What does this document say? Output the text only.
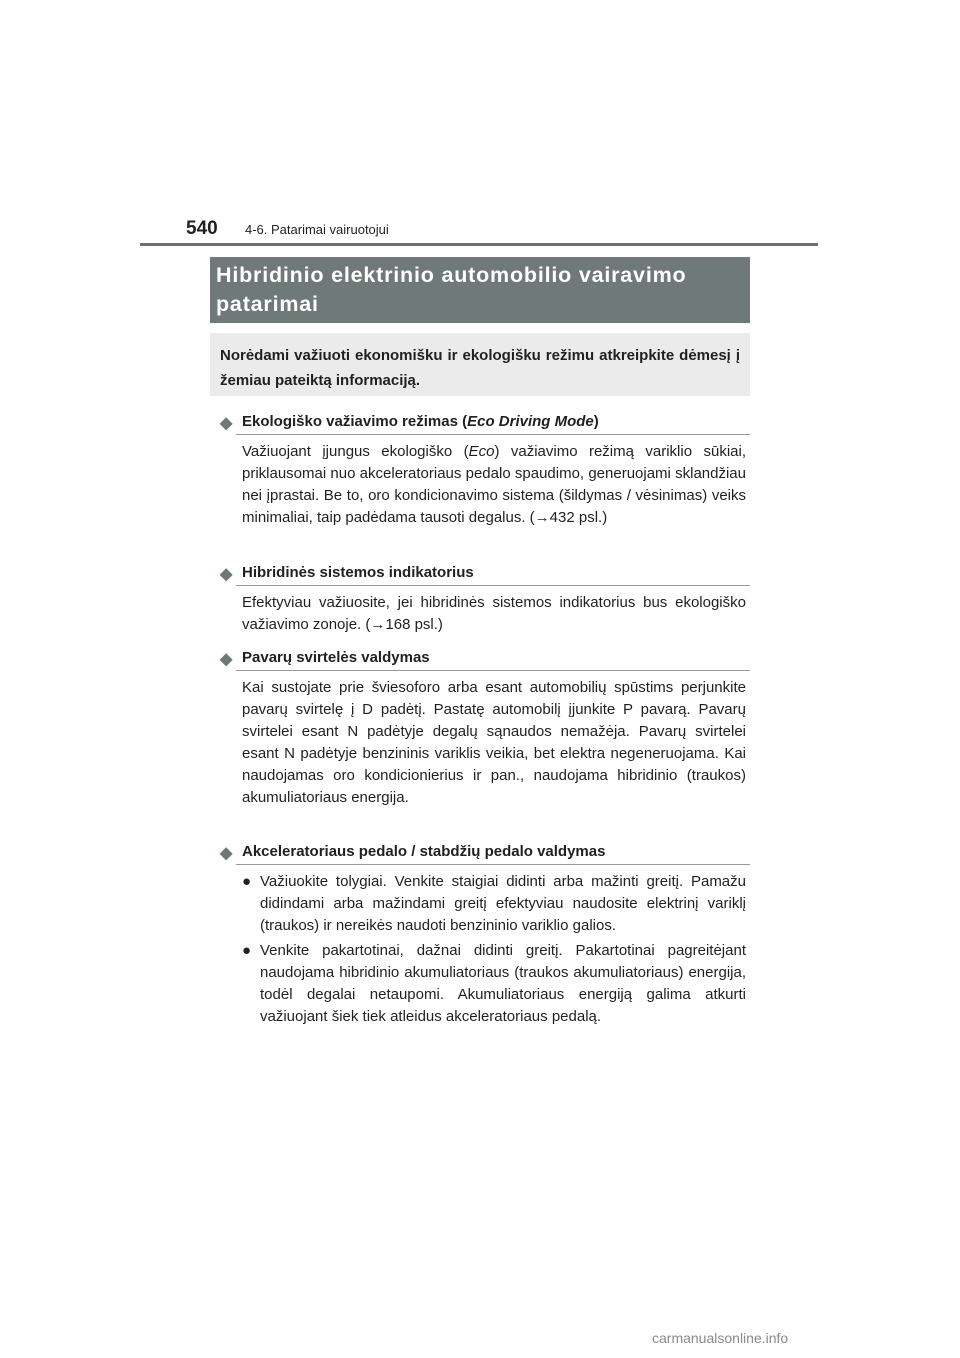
540 4-6. Patarimai vairuotojui
Hibridinio elektrinio automobilio vairavimo patarimai
Norėdami važiuoti ekonomišku ir ekologišku režimu atkreipkite dėmesį į žemiau pateiktą informaciją.
◆ Ekologiško važiavimo režimas (Eco Driving Mode)
Važiuojant įjungus ekologiško (Eco) važiavimo režimą variklio sūkiai, priklausomai nuo akceleratoriaus pedalo spaudimo, generuojami sklandžiau nei įprastai. Be to, oro kondicionavimo sistema (šildymas / vėsinimas) veiks minimaliai, taip padėdama tausoti degalus. (→432 psl.)
◆ Hibridinės sistemos indikatorius
Efektyviau važiuosite, jei hibridinės sistemos indikatorius bus ekologiško važiavimo zonoje. (→168 psl.)
◆ Pavarų svirtelės valdymas
Kai sustojate prie šviesoforo arba esant automobilių spūstims perjunkite pavarų svirtelę į D padėtį. Pastatę automobilį įjunkite P pavarą. Pavarų svirtelei esant N padėtyje degalų sąnaudos nemažėja. Pavarų svirtelei esant N padėtyje benzininis variklis veikia, bet elektra negeneruojama. Kai naudojamas oro kondicionierius ir pan., naudojama hibridinio (traukos) akumuliatoriaus energija.
◆ Akceleratoriaus pedalo / stabdžių pedalo valdymas
● Važiuokite tolygiai. Venkite staigiai didinti arba mažinti greitį. Pamažu didindami arba mažindami greitį efektyviau naudosite elektrinį variklį (traukos) ir nereikės naudoti benzininio variklio galios.
● Venkite pakartotinai, dažnai didinti greitį. Pakartotinai pagreitėjant naudojama hibridinio akumuliatoriaus (traukos akumuliatoriaus) energija, todėl degalai netaupomi. Akumuliatoriaus energiją galima atkurti važiuojant šiek tiek atleidus akceleratoriaus pedalą.
carmanualsonline.info
